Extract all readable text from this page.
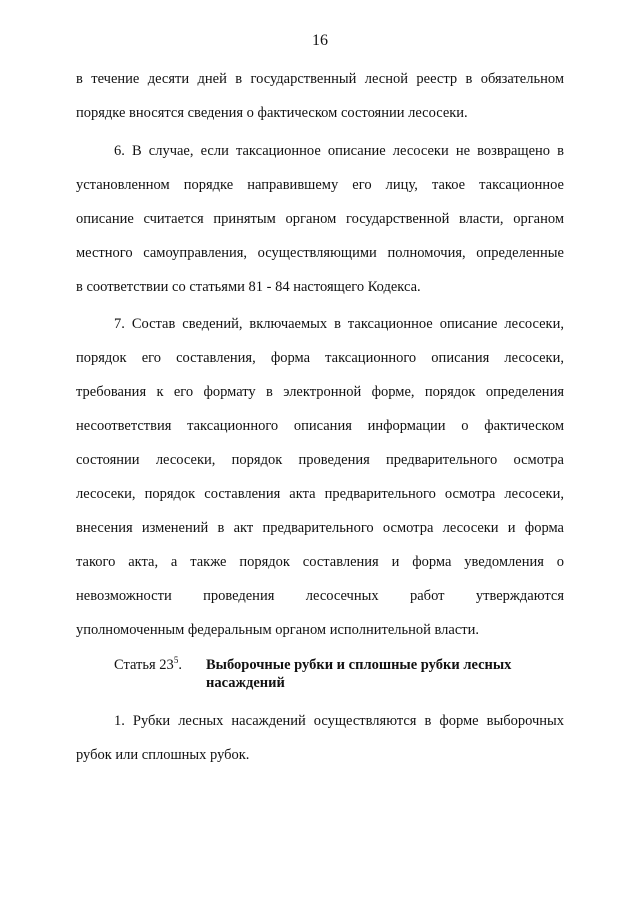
16
в течение десяти дней в государственный лесной реестр в обязательном
порядке вносятся сведения о фактическом состоянии лесосеки.
6. В случае, если таксационное описание лесосеки не возвращено в
установленном порядке направившему его лицу, такое таксационное
описание считается принятым органом государственной власти, органом
местного самоуправления, осуществляющими полномочия, определенные
в соответствии со статьями 81 - 84 настоящего Кодекса.
7. Состав сведений, включаемых в таксационное описание лесосеки,
порядок его составления, форма таксационного описания лесосеки,
требования к его формату в электронной форме, порядок определения
несоответствия таксационного описания информации о фактическом
состоянии лесосеки, порядок проведения предварительного осмотра
лесосеки, порядок составления акта предварительного осмотра лесосеки,
внесения изменений в акт предварительного осмотра лесосеки и форма
такого акта, а также порядок составления и форма уведомления о
невозможности проведения лесосечных работ утверждаются
уполномоченным федеральным органом исполнительной власти.
Статья $23^5$. Выборочные рубки и сплошные рубки лесных
насаждений
1. Рубки лесных насаждений осуществляются в форме выборочных
рубок или сплошных рубок.
